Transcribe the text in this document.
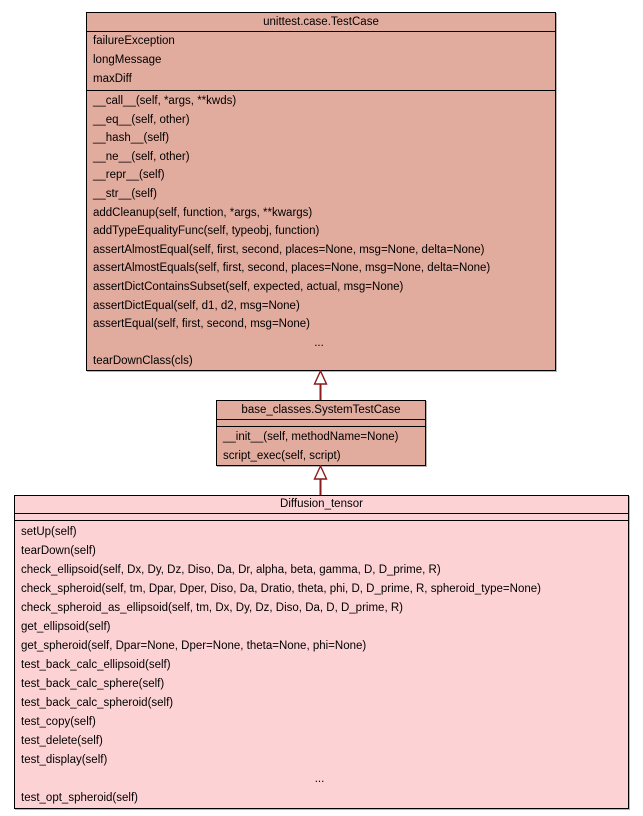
unittest.case.TestCase
failureException
longMessage
maxDiff
__call__(self, *args, **kwds)
__eq__(self, other)
__hash__(self)
__ne__(self, other)
__repr__(self)
__str__(self)
addCleanup(self, function, *args, **kwargs)
addTypeEqualityFunc(self, typeobj, function)
assertAlmostEqual(self, first, second, places=None, msg=None, delta=None)
assertAlmostEquals(self, first, second, places=None, msg=None, delta=None)
assertDictContainsSubset(self, expected, actual, msg=None)
assertDictEqual(self, d1, d2, msg=None)
assertEqual(self, first, second, msg=None)
...
tearDownClass(cls)
base_classes.SystemTestCase
__init__(self, methodName=None)
script_exec(self, script)
Diffusion_tensor
setUp(self)
tearDown(self)
check_ellipsoid(self, Dx, Dy, Dz, Diso, Da, Dr, alpha, beta, gamma, D, D_prime, R)
check_spheroid(self, tm, Dpar, Dper, Diso, Da, Dratio, theta, phi, D, D_prime, R, spheroid_type=None)
check_spheroid_as_ellipsoid(self, tm, Dx, Dy, Dz, Diso, Da, D, D_prime, R)
get_ellipsoid(self)
get_spheroid(self, Dpar=None, Dper=None, theta=None, phi=None)
test_back_calc_ellipsoid(self)
test_back_calc_sphere(self)
test_back_calc_spheroid(self)
test_copy(self)
test_delete(self)
test_display(self)
...
test_opt_spheroid(self)
